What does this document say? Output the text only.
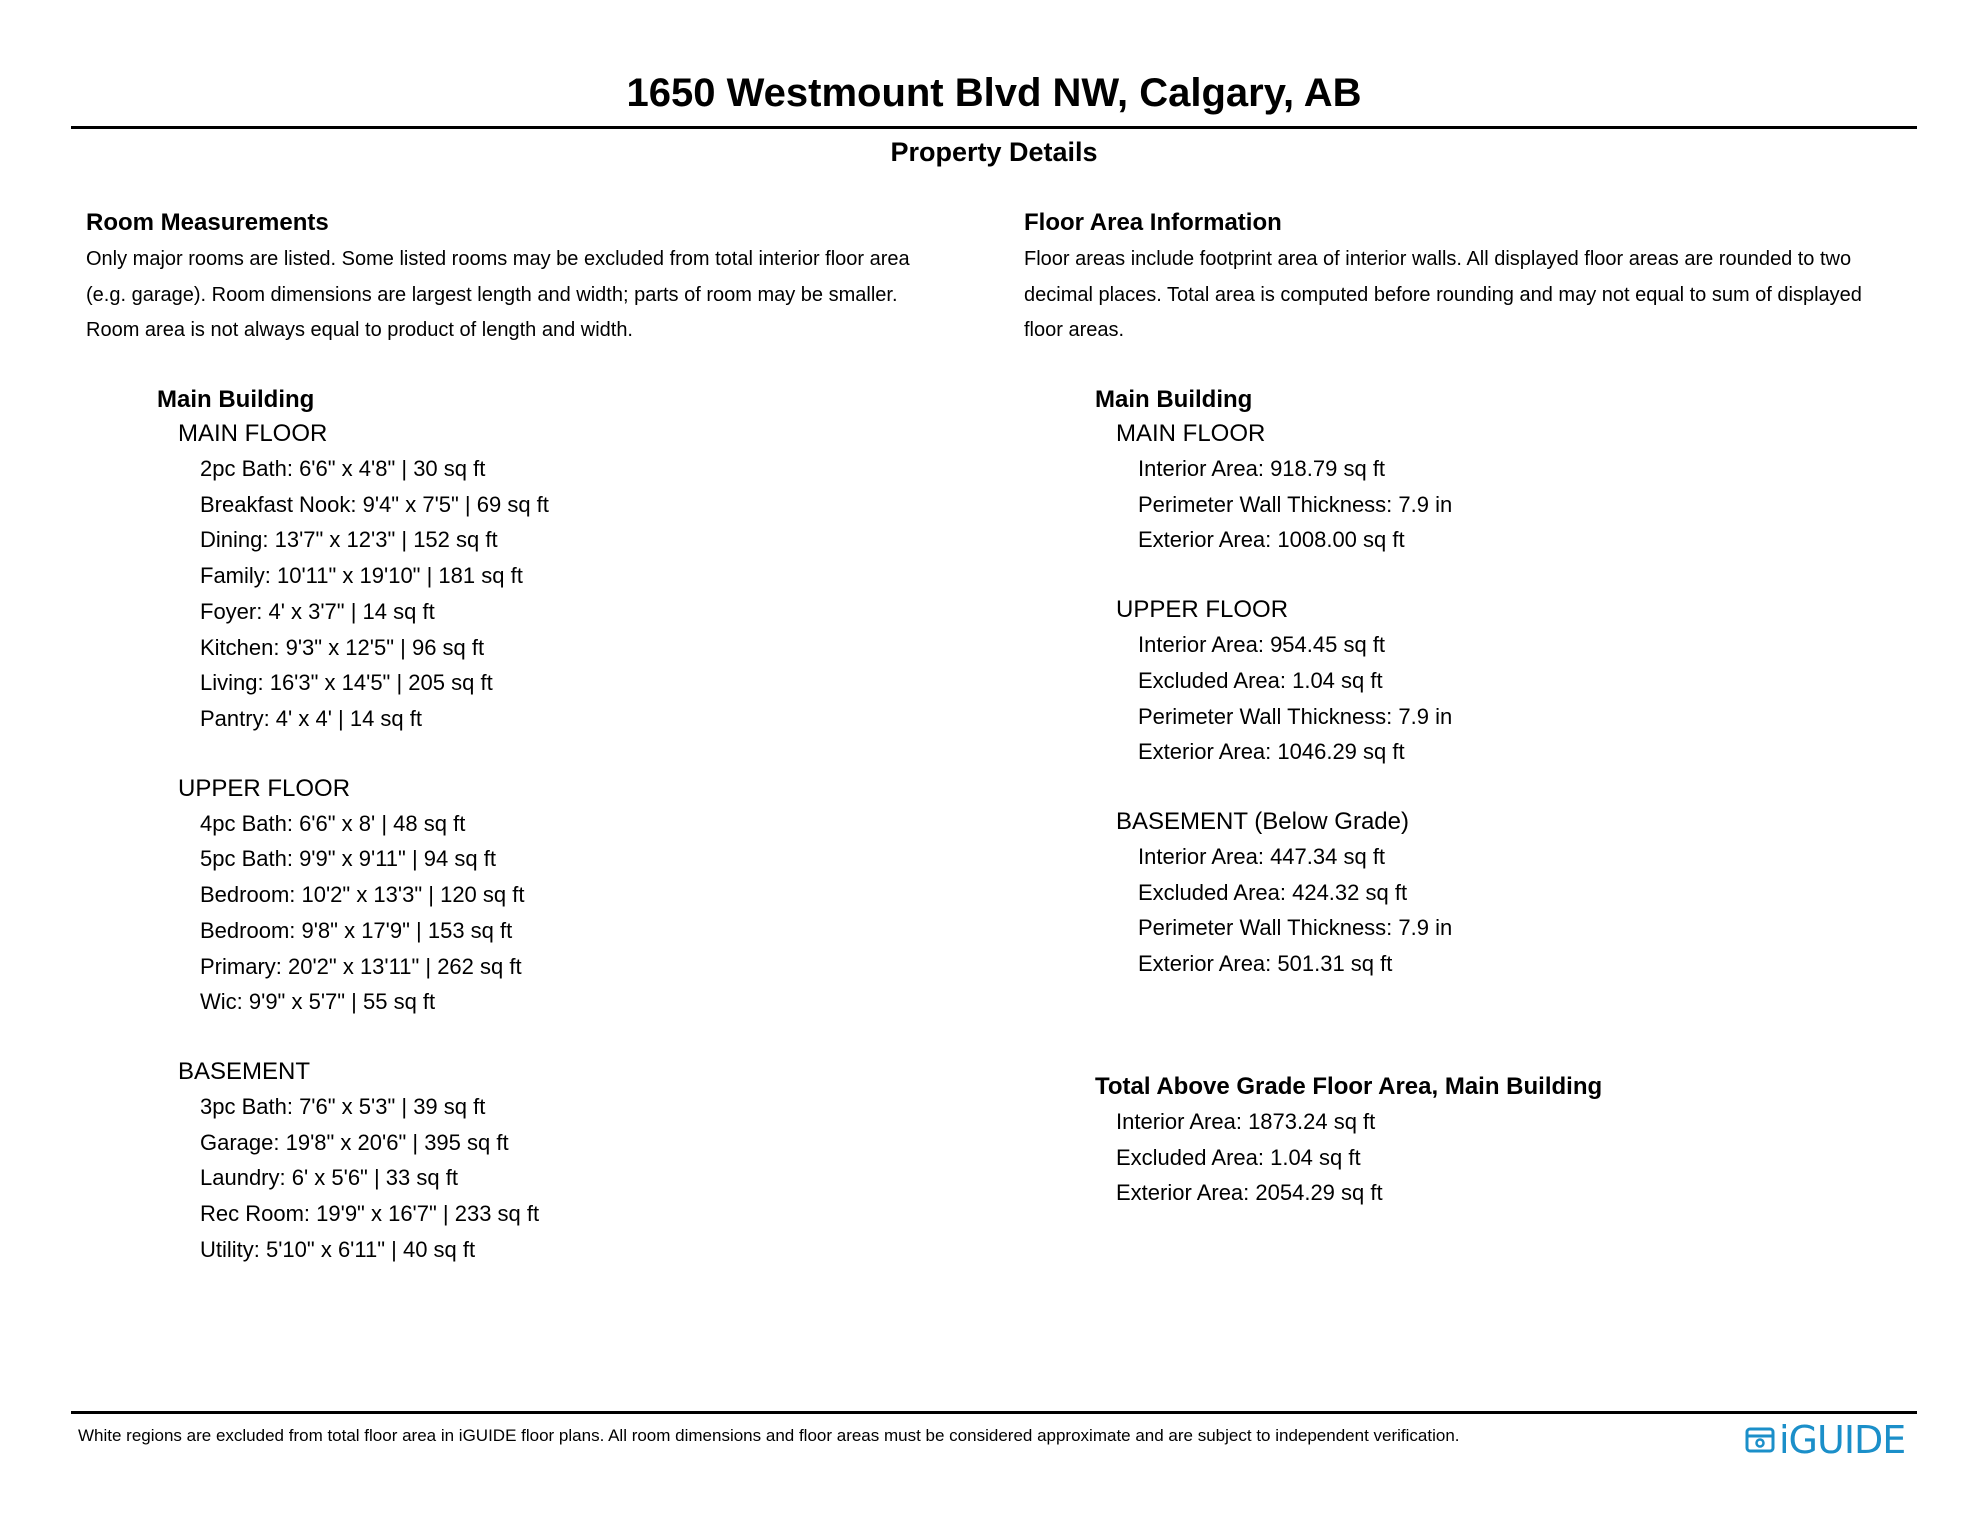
1650 Westmount Blvd NW, Calgary, AB
Property Details
Room Measurements
Only major rooms are listed. Some listed rooms may be excluded from total interior floor area
(e.g. garage). Room dimensions are largest length and width; parts of room may be smaller.
Room area is not always equal to product of length and width.
Main Building
MAIN FLOOR
2pc Bath: 6'6" x 4'8" | 30 sq ft
Breakfast Nook: 9'4" x 7'5" | 69 sq ft
Dining: 13'7" x 12'3" | 152 sq ft
Family: 10'11" x 19'10" | 181 sq ft
Foyer: 4' x 3'7" | 14 sq ft
Kitchen: 9'3" x 12'5" | 96 sq ft
Living: 16'3" x 14'5" | 205 sq ft
Pantry: 4' x 4' | 14 sq ft
UPPER FLOOR
4pc Bath: 6'6" x 8' | 48 sq ft
5pc Bath: 9'9" x 9'11" | 94 sq ft
Bedroom: 10'2" x 13'3" | 120 sq ft
Bedroom: 9'8" x 17'9" | 153 sq ft
Primary: 20'2" x 13'11" | 262 sq ft
Wic: 9'9" x 5'7" | 55 sq ft
BASEMENT
3pc Bath: 7'6" x 5'3" | 39 sq ft
Garage: 19'8" x 20'6" | 395 sq ft
Laundry: 6' x 5'6" | 33 sq ft
Rec Room: 19'9" x 16'7" | 233 sq ft
Utility: 5'10" x 6'11" | 40 sq ft
Floor Area Information
Floor areas include footprint area of interior walls. All displayed floor areas are rounded to two
decimal places. Total area is computed before rounding and may not equal to sum of displayed
floor areas.
Main Building
MAIN FLOOR
Interior Area: 918.79 sq ft
Perimeter Wall Thickness: 7.9 in
Exterior Area: 1008.00 sq ft
UPPER FLOOR
Interior Area: 954.45 sq ft
Excluded Area: 1.04 sq ft
Perimeter Wall Thickness: 7.9 in
Exterior Area: 1046.29 sq ft
BASEMENT (Below Grade)
Interior Area: 447.34 sq ft
Excluded Area: 424.32 sq ft
Perimeter Wall Thickness: 7.9 in
Exterior Area: 501.31 sq ft
Total Above Grade Floor Area, Main Building
Interior Area: 1873.24 sq ft
Excluded Area: 1.04 sq ft
Exterior Area: 2054.29 sq ft
White regions are excluded from total floor area in iGUIDE floor plans. All room dimensions and floor areas must be considered approximate and are subject to independent verification.	iGUIDE
